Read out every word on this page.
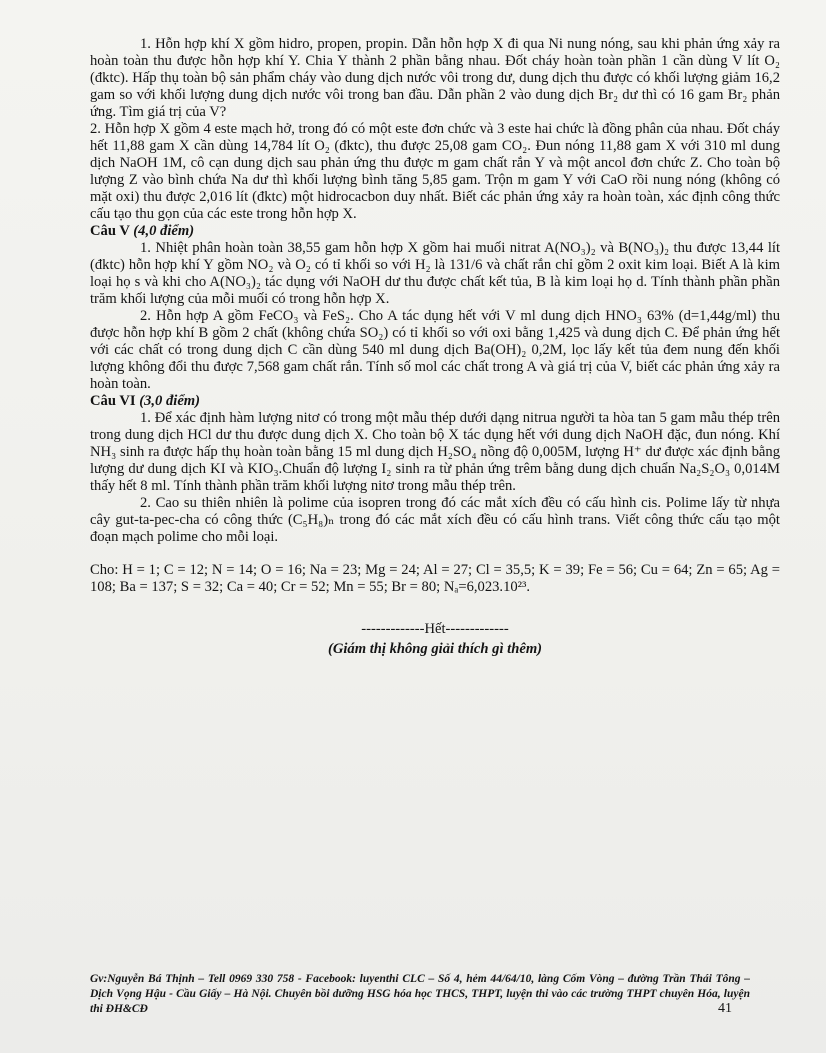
1. Hỗn hợp khí X gồm hidro, propen, propin. Dẫn hỗn hợp X đi qua Ni nung nóng, sau khi phản ứng xảy ra hoàn toàn thu được hỗn hợp khí Y. Chia Y thành 2 phần bằng nhau. Đốt cháy hoàn toàn phần 1 cần dùng V lít O₂ (đktc). Hấp thụ toàn bộ sản phẩm cháy vào dung dịch nước vôi trong dư, dung dịch thu được có khối lượng giảm 16,2 gam so với khối lượng dung dịch nước vôi trong ban đầu. Dẫn phần 2 vào dung dịch Br₂ dư thì có 16 gam Br₂ phản ứng. Tìm giá trị của V?

2. Hỗn hợp X gồm 4 este mạch hở, trong đó có một este đơn chức và 3 este hai chức là đồng phân của nhau. Đốt cháy hết 11,88 gam X cần dùng 14,784 lít O₂ (đktc), thu được 25,08 gam CO₂. Đun nóng 11,88 gam X với 310 ml dung dịch NaOH 1M, cô cạn dung dịch sau phản ứng thu được m gam chất rắn Y và một ancol đơn chức Z. Cho toàn bộ lượng Z vào bình chứa Na dư thì khối lượng bình tăng 5,85 gam. Trộn m gam Y với CaO rồi nung nóng (không có mặt oxi) thu được 2,016 lít (đktc) một hidrocacbon duy nhất. Biết các phản ứng xảy ra hoàn toàn, xác định công thức cấu tạo thu gọn của các este trong hỗn hợp X.

Câu V (4,0 điểm)

1. Nhiệt phân hoàn toàn 38,55 gam hỗn hợp X gồm hai muối nitrat A(NO₃)₂ và B(NO₃)₂ thu được 13,44 lít (đktc) hỗn hợp khí Y gồm NO₂ và O₂ có tỉ khối so với H₂ là 131/6 và chất rắn chỉ gồm 2 oxit kim loại. Biết A là kim loại họ s và khi cho A(NO₃)₂ tác dụng với NaOH dư thu được chất kết tủa, B là kim loại họ d. Tính thành phần phần trăm khối lượng của mỗi muối có trong hỗn hợp X.

2. Hỗn hợp A gồm FeCO₃ và FeS₂. Cho A tác dụng hết với V ml dung dịch HNO₃ 63% (d=1,44g/ml) thu được hỗn hợp khí B gồm 2 chất (không chứa SO₂) có tỉ khối so với oxi bằng 1,425 và dung dịch C. Để phản ứng hết với các chất có trong dung dịch C cần dùng 540 ml dung dịch Ba(OH)₂ 0,2M, lọc lấy kết tủa đem nung đến khối lượng không đổi thu được 7,568 gam chất rắn. Tính số mol các chất trong A và giá trị của V, biết các phản ứng xảy ra hoàn toàn.

Câu VI (3,0 điểm)

1. Để xác định hàm lượng nitơ có trong một mẫu thép dưới dạng nitrua người ta hòa tan 5 gam mẫu thép trên trong dung dịch HCl dư thu được dung dịch X. Cho toàn bộ X tác dụng hết với dung dịch NaOH đặc, đun nóng. Khí NH₃ sinh ra được hấp thụ hoàn toàn bằng 15 ml dung dịch H₂SO₄ nồng độ 0,005M, lượng H⁺ dư được xác định bằng lượng dư dung dịch KI và KIO₃.Chuẩn độ lượng I₂ sinh ra từ phản ứng trêm bằng dung dịch chuẩn Na₂S₂O₃ 0,014M thấy hết 8 ml. Tính thành phần trăm khối lượng nitơ trong mẫu thép trên.

2. Cao su thiên nhiên là polime của isopren trong đó các mắt xích đều có cấu hình cis. Polime lấy từ nhựa cây gut-ta-pec-cha có công thức (C₅H₈)ₙ trong đó các mắt xích đều có cấu hình trans. Viết công thức cấu tạo một đoạn mạch polime cho mỗi loại.

Cho: H = 1; C = 12; N = 14; O = 16; Na = 23; Mg = 24; Al = 27; Cl = 35,5; K = 39; Fe = 56; Cu = 64; Zn = 65; Ag = 108; Ba = 137; S = 32; Ca = 40; Cr = 52; Mn = 55; Br = 80; Nₐ=6,023.10²³.

-------------Hết-------------

(Giám thị không giải thích gì thêm)

Gv:Nguyễn Bá Thịnh – Tell 0969 330 758 - Facebook: luyenthi CLC – Số 4, hẻm 44/64/10, làng Cốm Vòng – đường Trần Thái Tông – Dịch Vọng Hậu - Cầu Giấy – Hà Nội. Chuyên bồi dưỡng HSG hóa học THCS, THPT, luyện thi vào các trường THPT chuyên Hóa, luyện thi ĐH&CĐ	41
